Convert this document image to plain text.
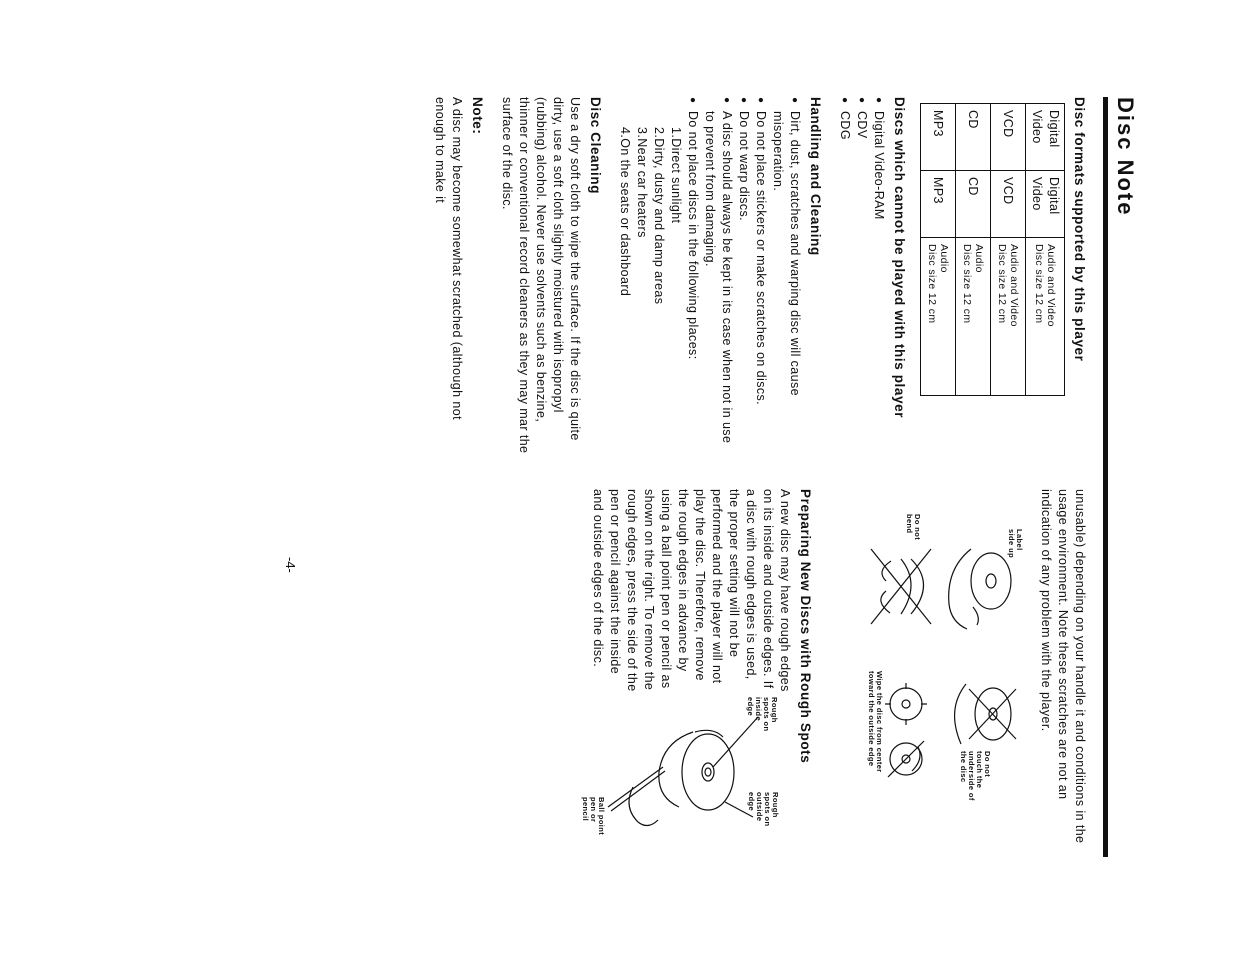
Disc Note
Disc formats supported by this player
Digital Video	Digital Video	Audio and Video
Disc size 12 cm

VCD	VCD	Audio and Video
Disc size 12 cm

CD	CD	Audio
Disc size 12 cm

MP3	MP3	Audio
Disc size 12 cm
Discs which cannot be played with this player
● Digital Video-RAM
● CDV
● CDG
Handling and Cleaning
● Dirt, dust, scratches and warping disc will cause misoperation.
● Do not place stickers or make scratches on discs.
● Do not warp discs.
● A disc should always be kept in its case when not in use to prevent from damaging.
● Do not place discs in the following places:
1.Direct sunlight
2.Dirty, dusty and damp areas
3.Near car heaters
4.On the seats or dashboard
Disc Cleaning

Use a dry soft cloth to wipe the surface. If the disc is quite dirty, use a soft cloth slightly moistured with isopropyl (rubbing) alcohol. Never use solvents such as benzine, thinner or conventional record cleaners as they may mar the surface of the disc.

Note:

A disc may become somewhat scratched (although not enough to make it

unusable) depending on your handle it and conditions in the usage environment. Note these scratches are not an indication of any problem with the player.

Label side up
Do not touch the underside of the disc
Do not bend
Wipe the disc from center toward the outside edge
Preparing New Discs with Rough Spots

A new disc may have rough edges on its inside and outside edges. If a disc with rough edges is used, the proper setting will not be performed and the player will not play the disc. Therefore, remove the rough edges in advance by using a ball point pen or pencil as shown on the right. To remove the rough edges, press the side of the pen or pencil against the inside and outside edges of the disc.

Rough spots on outside edge
Rough spots on inside edge
Ball point pen or pencil
-4-
